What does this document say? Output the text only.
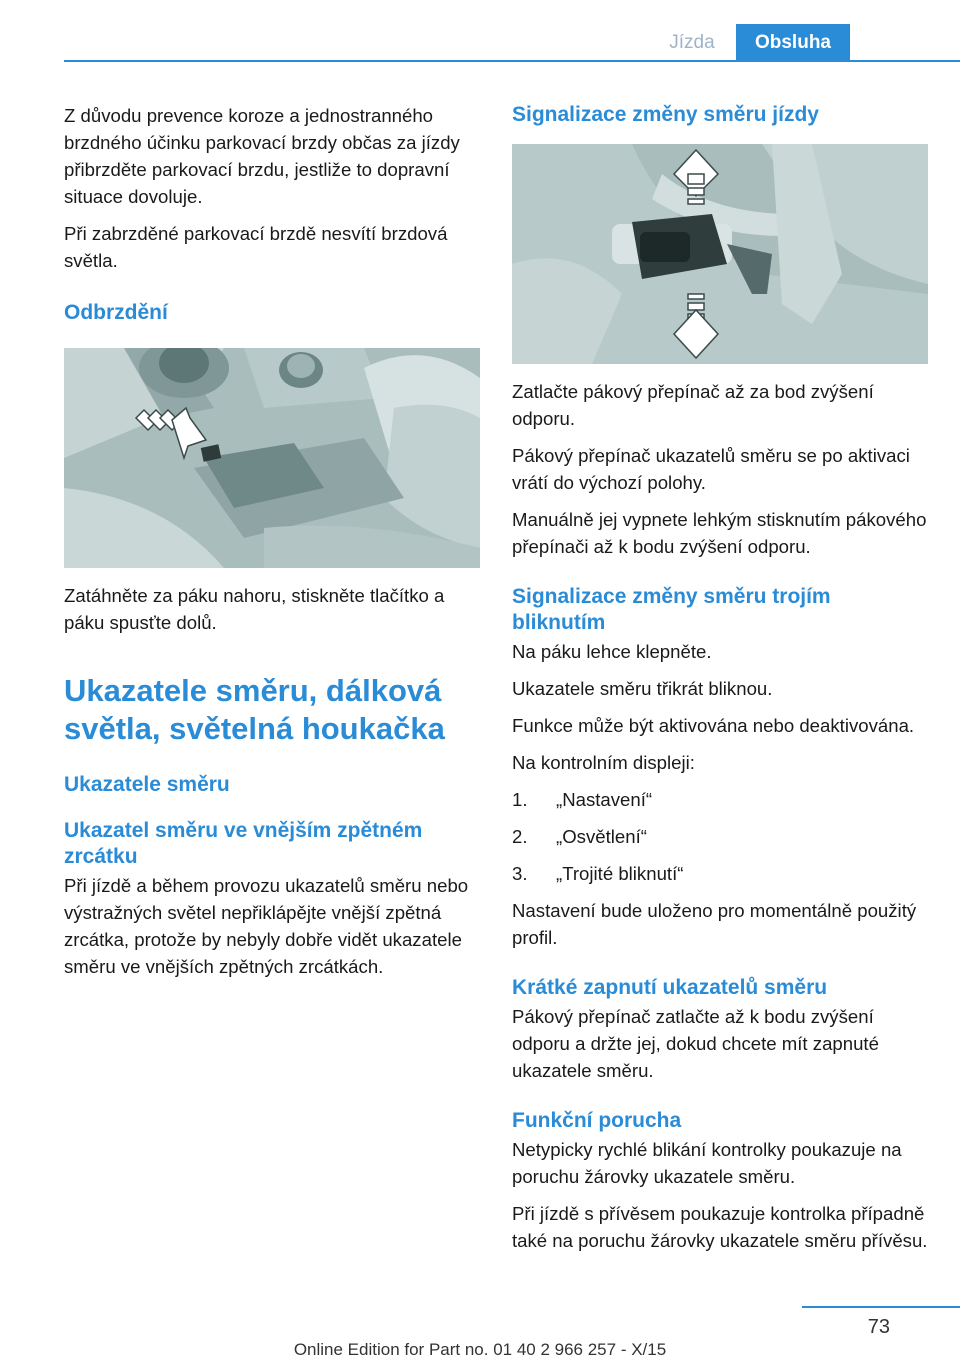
Jízda	Obsluha

Z důvodu prevence koroze a jednostranného brzdného účinku parkovací brzdy občas za jízdy přibrzděte parkovací brzdu, jestliže to dopravní situace dovoluje.

Při zabrzděné parkovací brzdě nesvítí brzdová světla.

Odbrzdění

Zatáhněte za páku nahoru, stiskněte tlačítko a páku spusťte dolů.

Ukazatele směru, dálková světla, světelná houkačka
Ukazatele směru
Ukazatel směru ve vnějším zpětném zrcátku

Při jízdě a během provozu ukazatelů směru nebo výstražných světel nepřiklápějte vnější zpětná zrcátka, protože by nebyly dobře vidět ukazatele směru ve vnějších zpětných zrcátkách.

Signalizace změny směru jízdy

Zatlačte pákový přepínač až za bod zvýšení odporu.

Pákový přepínač ukazatelů směru se po aktivaci vrátí do výchozí polohy.

Manuálně jej vypnete lehkým stisknutím pákového přepínači až k bodu zvýšení odporu.

Signalizace změny směru trojím bliknutím

Na páku lehce klepněte.

Ukazatele směru třikrát bliknou.

Funkce může být aktivována nebo deaktivována.

Na kontrolním displeji:

1.	„Nastavení“
2.	„Osvětlení“
3.	„Trojité bliknutí“

Nastavení bude uloženo pro momentálně použitý profil.

Krátké zapnutí ukazatelů směru

Pákový přepínač zatlačte až k bodu zvýšení odporu a držte jej, dokud chcete mít zapnuté ukazatele směru.

Funkční porucha

Netypicky rychlé blikání kontrolky poukazuje na poruchu žárovky ukazatele směru.

Při jízdě s přívěsem poukazuje kontrolka případně také na poruchu žárovky ukazatele směru přívěsu.

73
Online Edition for Part no. 01 40 2 966 257 - X/15
